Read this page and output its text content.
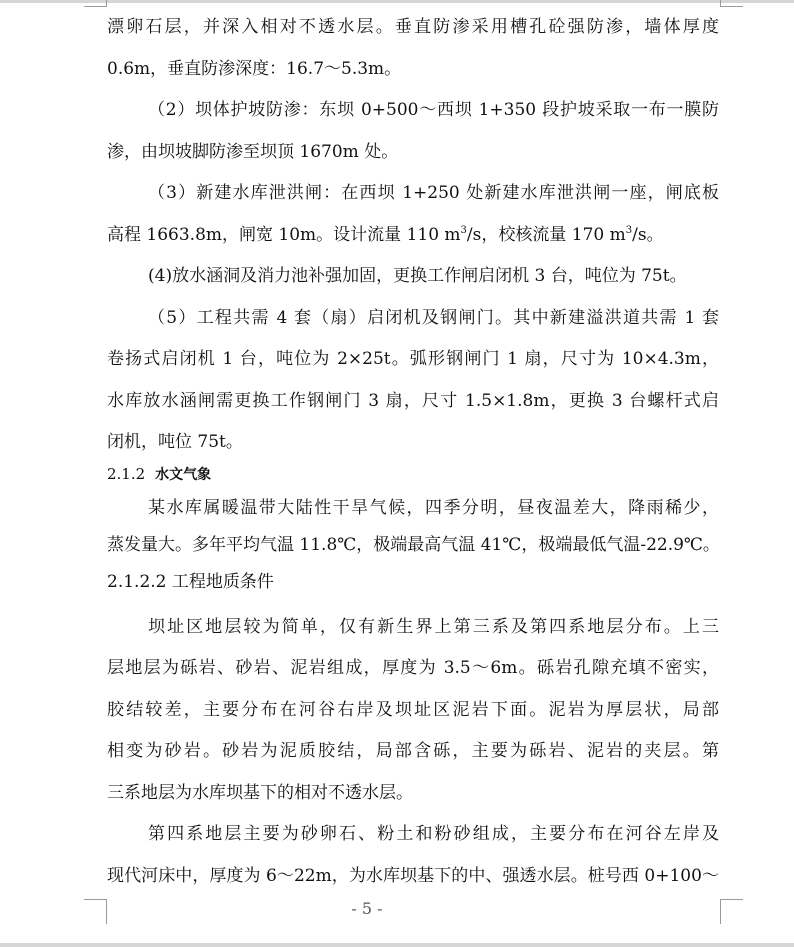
漂卵石层，并深入相对不透水层。垂直防渗采用槽孔砼强防渗，墙体厚度
0.6m，垂直防渗深度：16.7～5.3m。
（2）坝体护坡防渗：东坝 0+500～西坝 1+350 段护坡采取一布一膜防
渗，由坝坡脚防渗至坝顶 1670m 处。
（3）新建水库泄洪闸：在西坝 1+250 处新建水库泄洪闸一座，闸底板
高程 1663.8m，闸宽 10m。设计流量 110 $m^3/s$，校核流量 170 $m^3/s$。
(4)放水涵洞及消力池补强加固，更换工作闸启闭机 3 台，吨位为 75t。
（5）工程共需 4 套（扇）启闭机及钢闸门。其中新建溢洪道共需 1 套
卷扬式启闭机 1 台，吨位为 2×25t。弧形钢闸门 1 扇，尺寸为 10×4.3m，
水库放水涵闸需更换工作钢闸门 3 扇，尺寸 1.5×1.8m，更换 3 台螺杆式启
闭机，吨位 75t。
2.1.2 水文气象
某水库属暖温带大陆性干旱气候，四季分明，昼夜温差大，降雨稀少，
蒸发量大。多年平均气温 11.8℃，极端最高气温 41℃，极端最低气温-22.9℃。
2.1.2.2 工程地质条件
坝址区地层较为简单，仅有新生界上第三系及第四系地层分布。上三
层地层为砾岩、砂岩、泥岩组成，厚度为 3.5～6m。砾岩孔隙充填不密实，
胶结较差，主要分布在河谷右岸及坝址区泥岩下面。泥岩为厚层状，局部
相变为砂岩。砂岩为泥质胶结，局部含砾，主要为砾岩、泥岩的夹层。第
三系地层为水库坝基下的相对不透水层。
第四系地层主要为砂卵石、粉土和粉砂组成，主要分布在河谷左岸及
现代河床中，厚度为 6～22m，为水库坝基下的中、强透水层。桩号西 0+100～
- 5 -
